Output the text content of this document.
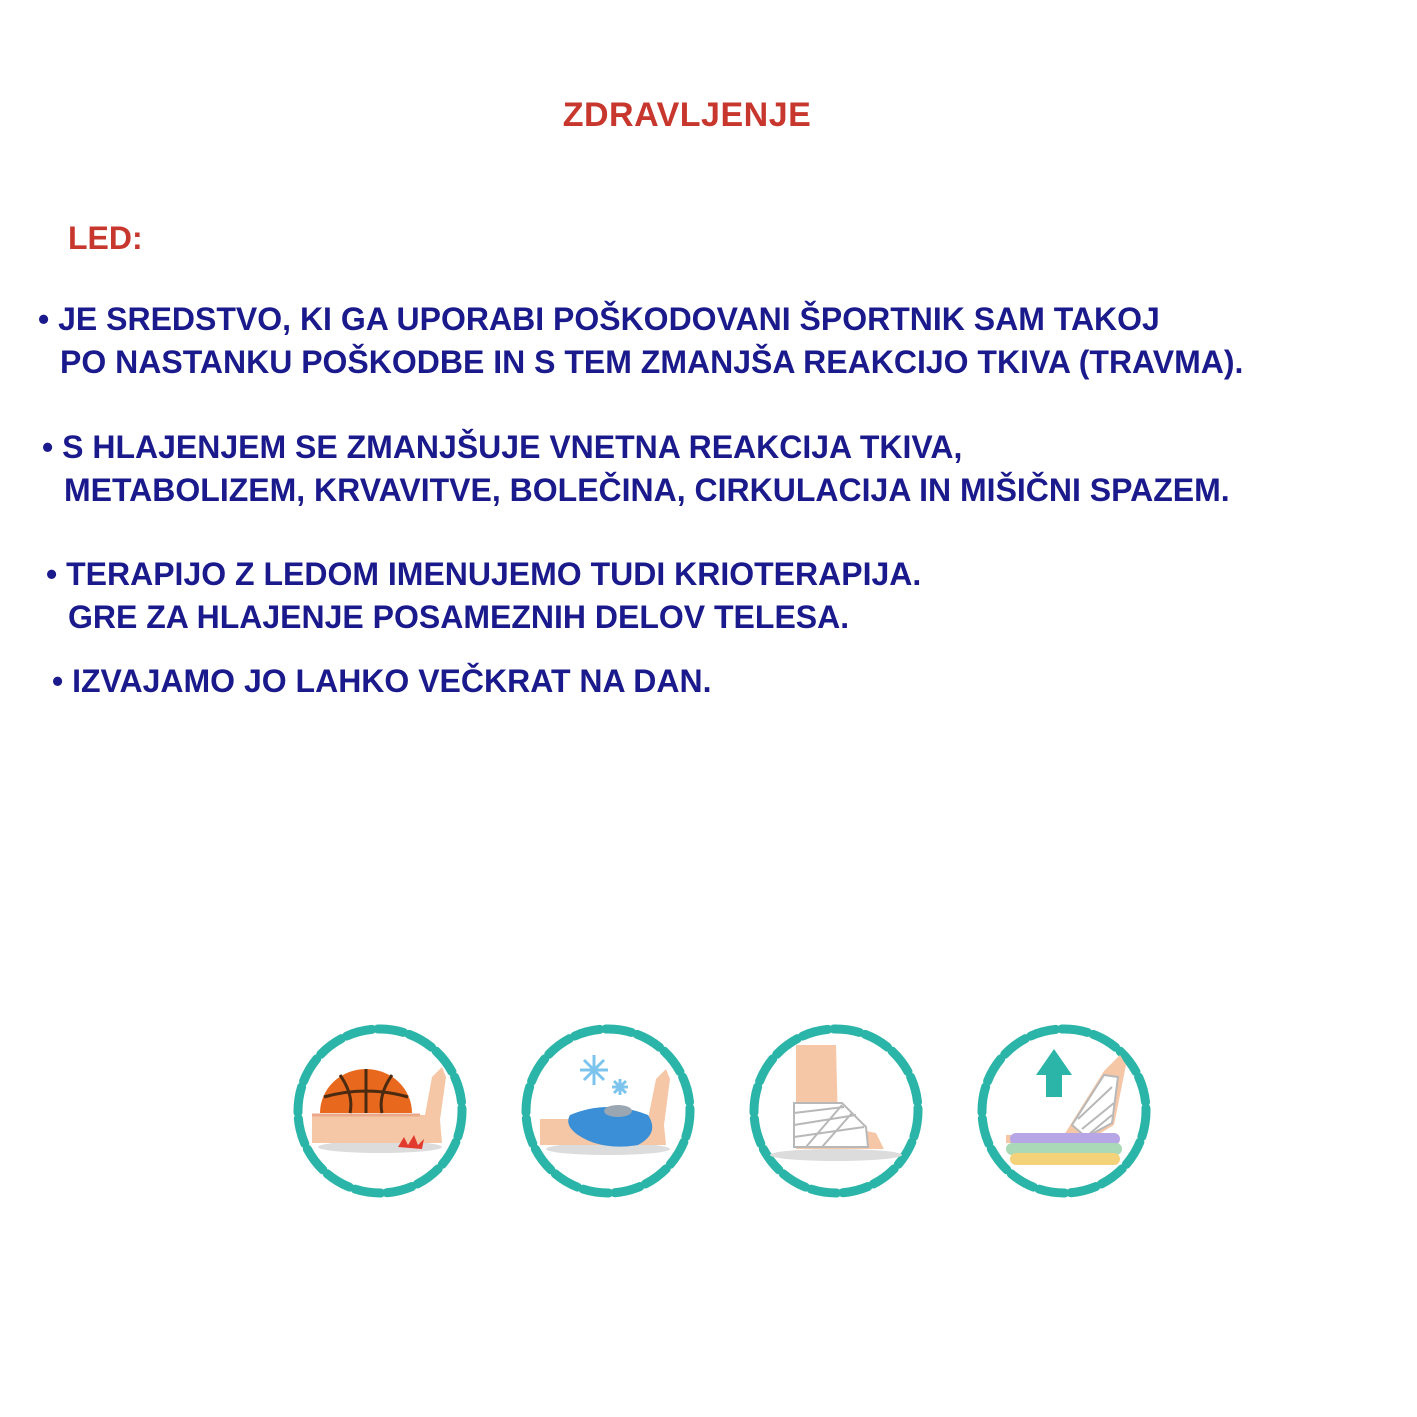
ZDRAVLJENJE
LED:
• JE SREDSTVO, KI GA UPORABI POŠKODOVANI ŠPORTNIK SAM TAKOJ
PO NASTANKU POŠKODBE IN S TEM ZMANJŠA REAKCIJO TKIVA (TRAVMA).
• S HLAJENJEM SE ZMANJŠUJE VNETNA REAKCIJA TKIVA,
METABOLIZEM, KRVAVITVE, BOLEČINA, CIRKULACIJA IN MIŠIČNI SPAZEM.
• TERAPIJO Z LEDOM IMENUJEMO TUDI KRIOTERAPIJA.
GRE ZA HLAJENJE POSAMEZNIH DELOV TELESA.
• IZVAJAMO JO LAHKO VEČKRAT NA DAN.
